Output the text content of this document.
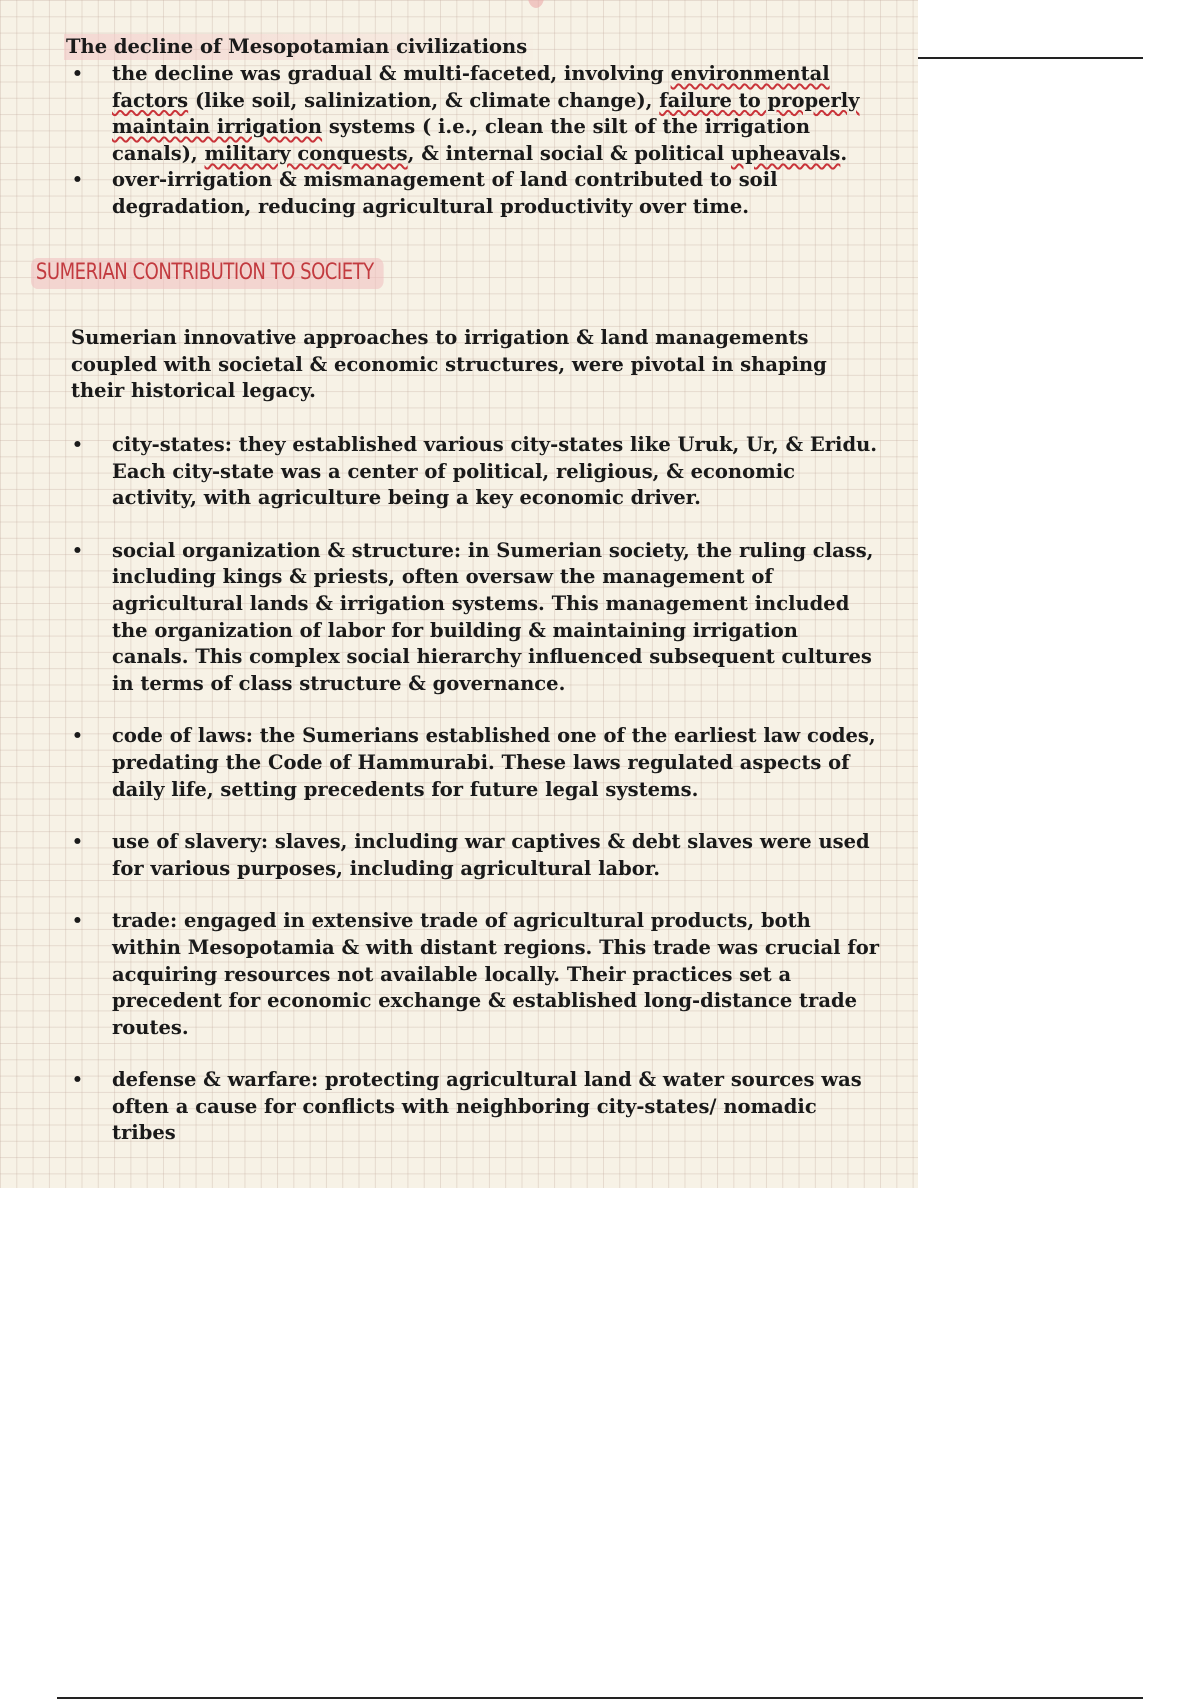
The decline of Mesopotamian civilizations
• the decline was gradual & multi-faceted, involving environmental factors (like soil, salinization, & climate change), failure to properly maintain irrigation systems ( i.e., clean the silt of the irrigation canals), military conquests, & internal social & political upheavals.
• over-irrigation & mismanagement of land contributed to soil degradation, reducing agricultural productivity over time.
SUMERIAN CONTRIBUTION TO SOCIETY

Sumerian innovative approaches to irrigation & land managements coupled with societal & economic structures, were pivotal in shaping their historical legacy.

• city-states: they established various city-states like Uruk, Ur, & Eridu. Each city-state was a center of political, religious, & economic activity, with agriculture being a key economic driver.
• social organization & structure: in Sumerian society, the ruling class, including kings & priests, often oversaw the management of agricultural lands & irrigation systems. This management included the organization of labor for building & maintaining irrigation canals. This complex social hierarchy influenced subsequent cultures in terms of class structure & governance.
• code of laws: the Sumerians established one of the earliest law codes, predating the Code of Hammurabi. These laws regulated aspects of daily life, setting precedents for future legal systems.
• use of slavery: slaves, including war captives & debt slaves were used for various purposes, including agricultural labor.
• trade: engaged in extensive trade of agricultural products, both within Mesopotamia & with distant regions. This trade was crucial for acquiring resources not available locally. Their practices set a precedent for economic exchange & established long-distance trade routes.
• defense & warfare: protecting agricultural land & water sources was often a cause for conflicts with neighboring city-states/ nomadic tribes
